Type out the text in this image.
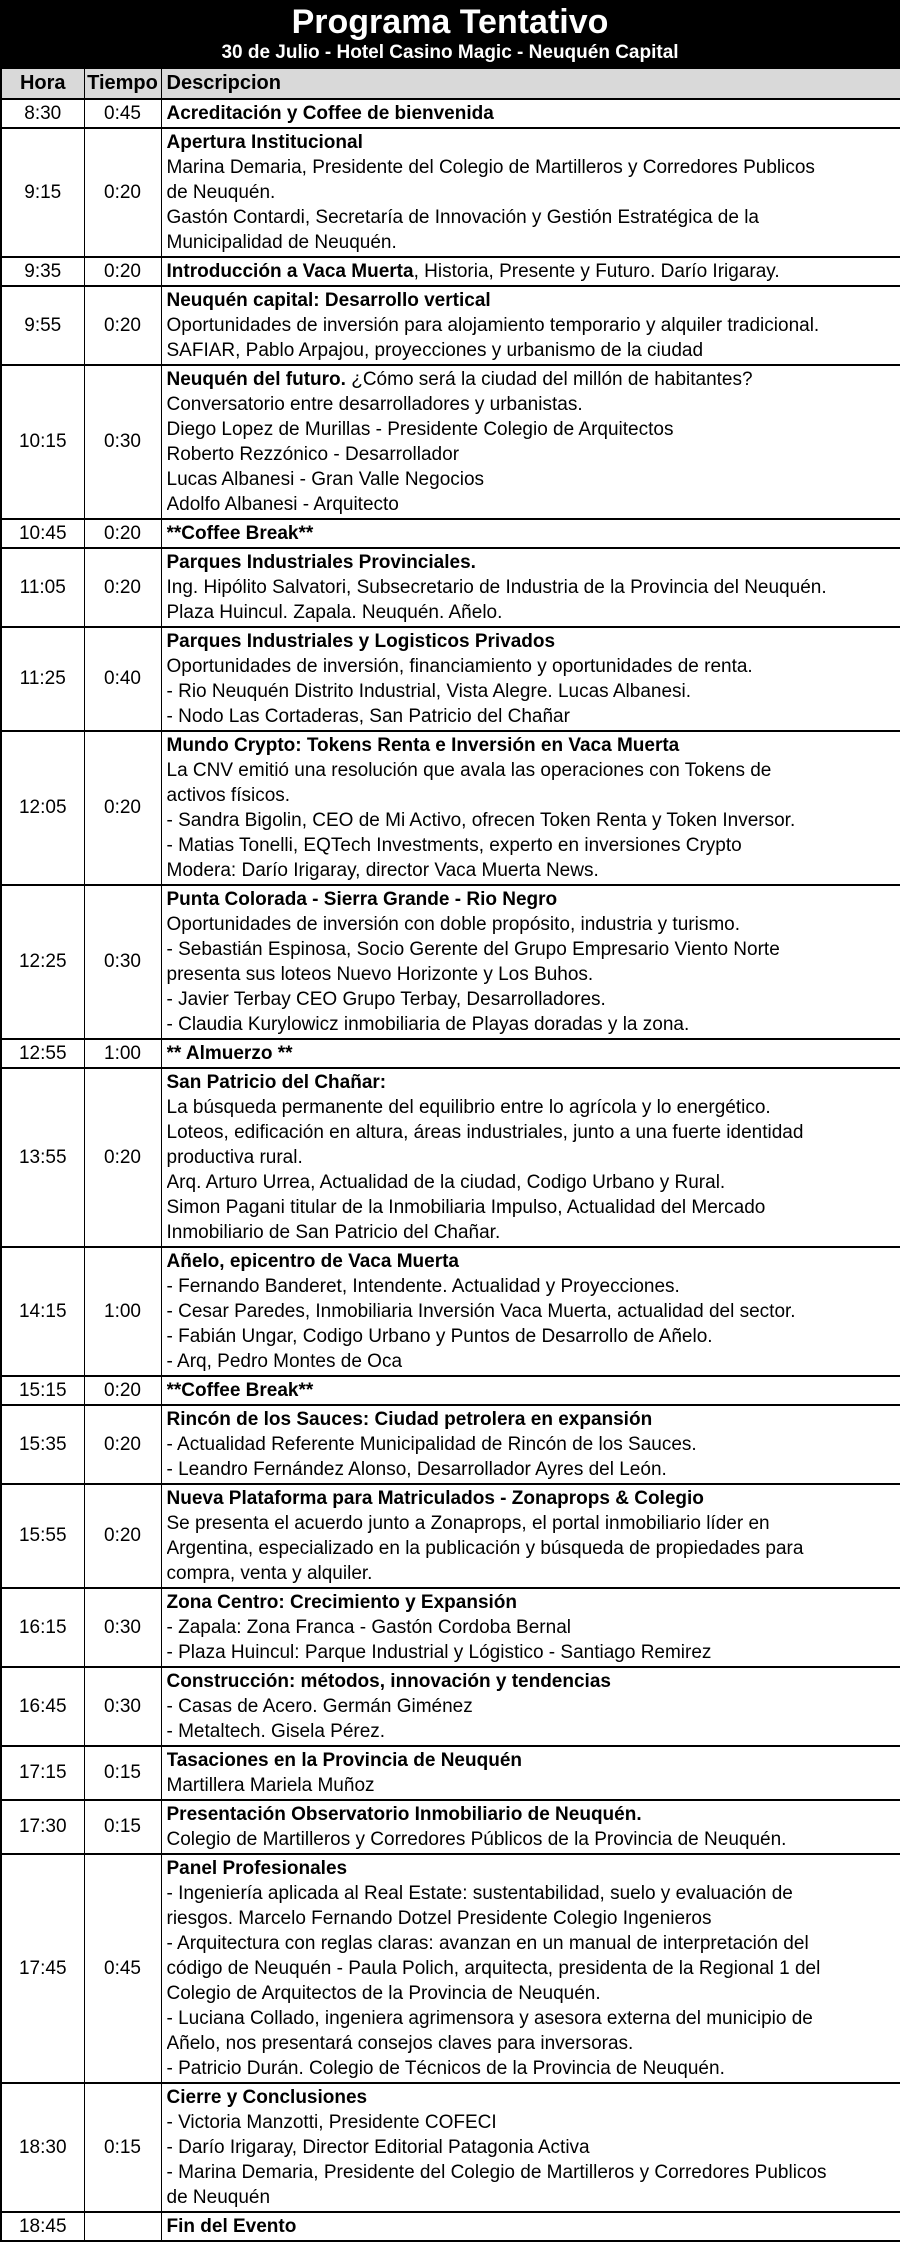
Programa Tentativo
30 de Julio - Hotel Casino Magic - Neuquén Capital
Hora	Tiempo	Descripcion
8:30	0:45	Acreditación y Coffee de bienvenida

9:15	0:20	Apertura Institucional
Marina Demaria, Presidente del Colegio de Martilleros y Corredores Publicos
de Neuquén.
Gastón Contardi, Secretaría de Innovación y Gestión Estratégica de la
Municipalidad de Neuquén.

9:35	0:20	Introducción a Vaca Muerta, Historia, Presente y Futuro. Darío Irigaray.

9:55	0:20	Neuquén capital: Desarrollo vertical
Oportunidades de inversión para alojamiento temporario y alquiler tradicional.
SAFIAR, Pablo Arpajou, proyecciones y urbanismo de la ciudad

10:15	0:30	
Neuquén del futuro. ¿Cómo será la ciudad del millón de habitantes?
Conversatorio entre desarrolladores y urbanistas.
Diego Lopez de Murillas - Presidente Colegio de Arquitectos
Roberto Rezzónico - Desarrollador
Lucas Albanesi - Gran Valle Negocios
Adolfo Albanesi - Arquitecto

10:45	0:20	**Coffee Break**

11:05	0:20	Parques Industriales Provinciales.
Ing. Hipólito Salvatori, Subsecretario de Industria de la Provincia del Neuquén.
Plaza Huincul. Zapala. Neuquén. Añelo.

11:25	0:40	Parques Industriales y Logisticos Privados
Oportunidades de inversión, financiamiento y oportunidades de renta.
- Rio Neuquén Distrito Industrial, Vista Alegre. Lucas Albanesi.
- Nodo Las Cortaderas, San Patricio del Chañar

12:05	0:20	
Mundo Crypto: Tokens Renta e Inversión en Vaca Muerta
La CNV emitió una resolución que avala las operaciones con Tokens de
activos físicos.
- Sandra Bigolin, CEO de Mi Activo, ofrecen Token Renta y Token Inversor.
- Matias Tonelli, EQTech Investments, experto en inversiones Crypto
Modera: Darío Irigaray, director Vaca Muerta News.

12:25	0:30	
Punta Colorada - Sierra Grande - Rio Negro
Oportunidades de inversión con doble propósito, industria y turismo.
- Sebastián Espinosa, Socio Gerente del Grupo Empresario Viento Norte
presenta sus loteos Nuevo Horizonte y Los Buhos.
- Javier Terbay CEO Grupo Terbay, Desarrolladores.
- Claudia Kurylowicz inmobiliaria de Playas doradas y la zona.

12:55	1:00	** Almuerzo **

13:55	0:20	
San Patricio del Chañar:
La búsqueda permanente del equilibrio entre lo agrícola y lo energético.
Loteos, edificación en altura, áreas industriales, junto a una fuerte identidad
productiva rural.
Arq. Arturo Urrea, Actualidad de la ciudad, Codigo Urbano y Rural.
Simon Pagani titular de la Inmobiliaria Impulso, Actualidad del Mercado
Inmobiliario de San Patricio del Chañar.

14:15	1:00	Añelo, epicentro de Vaca Muerta
- Fernando Banderet, Intendente. Actualidad y Proyecciones.
- Cesar Paredes, Inmobiliaria Inversión Vaca Muerta, actualidad del sector.
- Fabián Ungar, Codigo Urbano y Puntos de Desarrollo de Añelo.
- Arq, Pedro Montes de Oca

15:15	0:20	**Coffee Break**

15:35	0:20	Rincón de los Sauces: Ciudad petrolera en expansión
- Actualidad Referente Municipalidad de Rincón de los Sauces.
- Leandro Fernández Alonso, Desarrollador Ayres del León.

15:55	0:20	Nueva Plataforma para Matriculados - Zonaprops & Colegio
Se presenta el acuerdo junto a Zonaprops, el portal inmobiliario líder en
Argentina, especializado en la publicación y búsqueda de propiedades para
compra, venta y alquiler.

16:15	0:30	Zona Centro: Crecimiento y Expansión
- Zapala: Zona Franca - Gastón Cordoba Bernal
- Plaza Huincul: Parque Industrial y Lógistico - Santiago Remirez

16:45	0:30	Construcción: métodos, innovación y tendencias
- Casas de Acero. Germán Giménez
- Metaltech. Gisela Pérez.

17:15	0:15	Tasaciones en la Provincia de Neuquén
Martillera Mariela Muñoz

17:30	0:15	Presentación Observatorio Inmobiliario de Neuquén.
Colegio de Martilleros y Corredores Públicos de la Provincia de Neuquén.

17:45	0:45	
Panel Profesionales
- Ingeniería aplicada al Real Estate: sustentabilidad, suelo y evaluación de
riesgos. Marcelo Fernando Dotzel Presidente Colegio Ingenieros
- Arquitectura con reglas claras: avanzan en un manual de interpretación del
código de Neuquén - Paula Polich, arquitecta, presidenta de la Regional 1 del
Colegio de Arquitectos de la Provincia de Neuquén.
- Luciana Collado, ingeniera agrimensora y asesora externa del municipio de
Añelo, nos presentará consejos claves para inversoras.
- Patricio Durán. Colegio de Técnicos de la Provincia de Neuquén.

18:30	0:15	Cierre y Conclusiones
- Victoria Manzotti, Presidente COFECI
- Darío Irigaray, Director Editorial Patagonia Activa
- Marina Demaria, Presidente del Colegio de Martilleros y Corredores Publicos
de Neuquén

18:45		Fin del Evento
